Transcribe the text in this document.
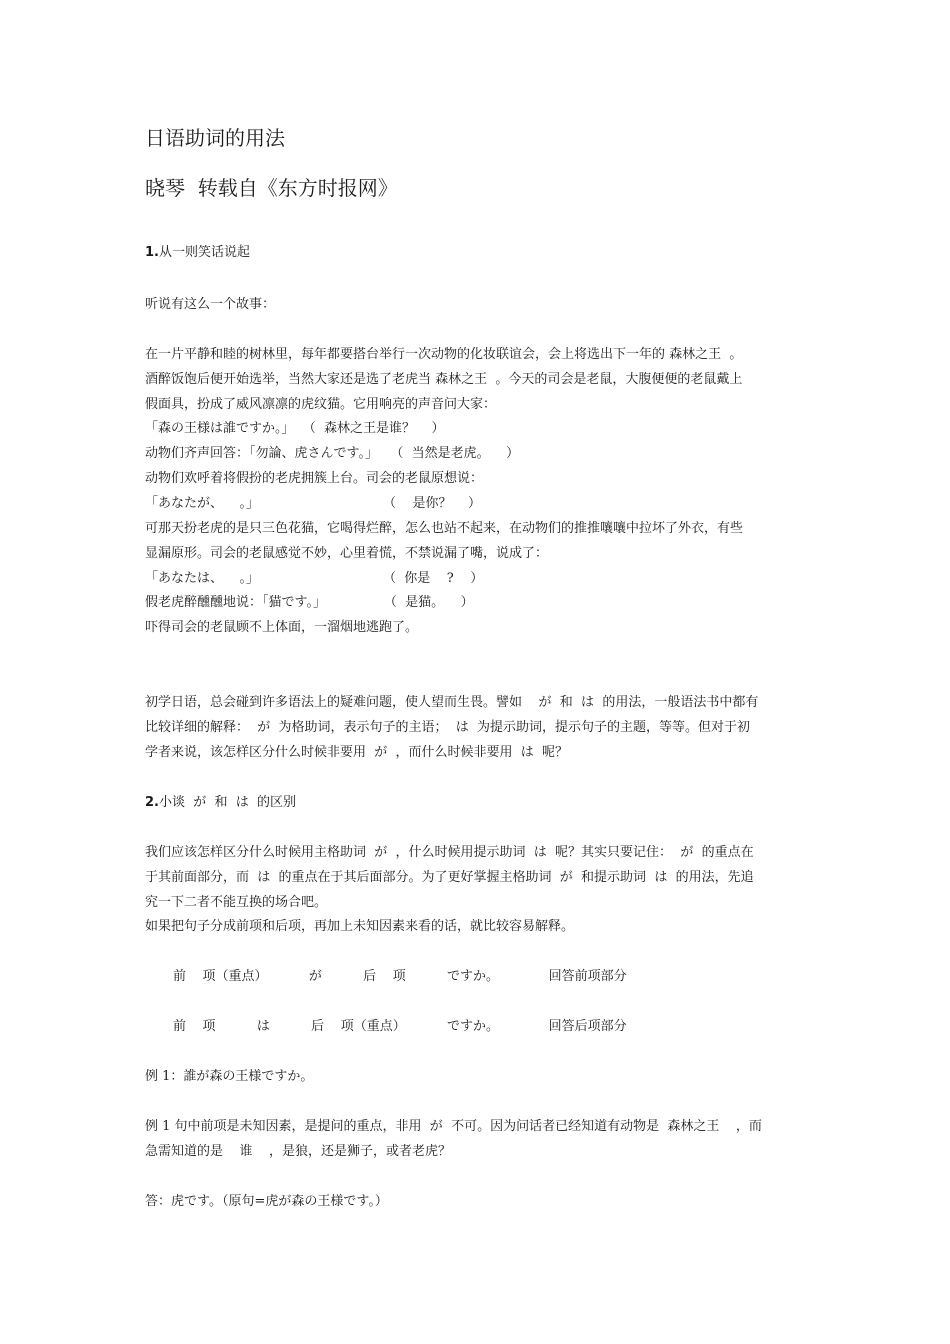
日语助词的用法
晓琴  转载自《东方时报网》
1.从一则笑话说起
听说有这么一个故事：
在一片平静和睦的树林里，每年都要搭台举行一次动物的化妆联谊会，会上将选出下一年的 森林之王  。
酒醉饭饱后便开始选举，当然大家还是选了老虎当 森林之王  。今天的司会是老鼠，大腹便便的老鼠戴上
假面具，扮成了威风凛凛的虎纹猫。它用响亮的声音问大家：
「森の王様は誰ですか。」  （  森林之王是谁？    ）
动物们齐声回答：「勿論、虎さんです。」   （  当然是老虎。    ）
动物们欢呼着将假扮的老虎拥簇上台。司会的老鼠原想说：
「あなたが、    。」                              （    是你？    ）
可那天扮老虎的是只三色花猫，它喝得烂醉，怎么也站不起来，在动物们的推推嚷嚷中拉坏了外衣，有些
显漏原形。司会的老鼠感觉不妙，心里着慌，不禁说漏了嘴，说成了：
「あなたは、    。」                              （  你是    ?    ）
假老虎醉醺醺地说：「猫です。」              （  是猫。    ）
吓得司会的老鼠顾不上体面，一溜烟地逃跑了。
初学日语，总会碰到许多语法上的疑难问题，使人望而生畏。譬如    が  和  は  的用法，一般语法书中都有
比较详细的解释：  が  为格助词，表示句子的主语；  は  为提示助词，提示句子的主题，等等。但对于初
学者来说，该怎样区分什么时候非要用  が  ，而什么时候非要用  は  呢？
2.小谈  が  和  は  的区别
我们应该怎样区分什么时候用主格助词  が  ，什么时候用提示助词  は  呢？其实只要记住：  が  的重点在
于其前面部分，而  は  的重点在于其后面部分。为了更好掌握主格助词  が  和提示助词  は  的用法，先追
究一下二者不能互换的场合吧。
如果把句子分成前项和后项，再加上未知因素来看的话，就比较容易解释。
前    项（重点）          が          后    项          ですか。            回答前项部分
前    项          は          后    项（重点）          ですか。            回答后项部分
例 1：誰が森の王様ですか。
例 1 句中前项是未知因素，是提问的重点，非用  が  不可。因为问话者已经知道有动物是  森林之王    ，而
急需知道的是    谁    ，是狼，还是狮子，或者老虎？
答：虎です。（原句=虎が森の王様です。）
